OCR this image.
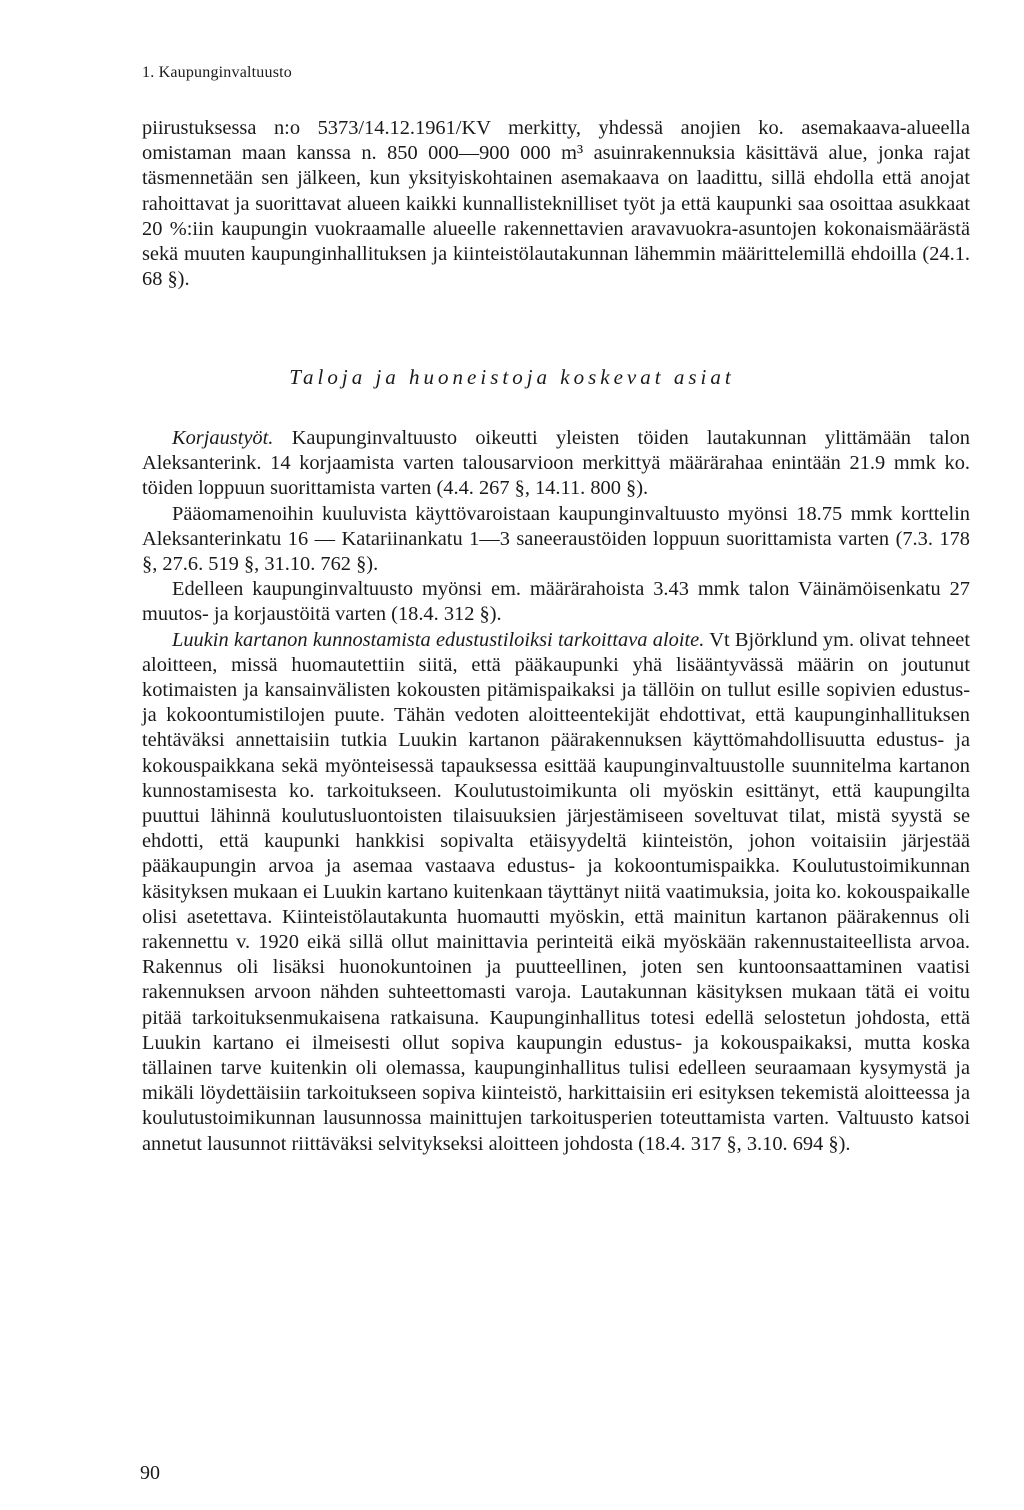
1. Kaupunginvaltuusto
piirustuksessa n:o 5373/14.12.1961/KV merkitty, yhdessä anojien ko. asemakaava-alueella omistaman maan kanssa n. 850 000—900 000 m³ asuinrakennuksia käsittävä alue, jonka rajat täsmennetään sen jälkeen, kun yksityiskohtainen asemakaava on laadittu, sillä ehdolla että anojat rahoittavat ja suorittavat alueen kaikki kunnallisteknilliset työt ja että kaupunki saa osoittaa asukkaat 20 %:iin kaupungin vuokraamalle alueelle rakennettavien aravavuokra-asuntojen kokonaismäärästä sekä muuten kaupunginhallituksen ja kiinteistölautakunnan lähemmin määrittelemillä ehdoilla (24.1. 68 §).
Taloja ja huoneistoja koskevat asiat

Korjaustyöt. Kaupunginvaltuusto oikeutti yleisten töiden lautakunnan ylittämään talon Aleksanterink. 14 korjaamista varten talousarvioon merkittyä määrärahaa enintään 21.9 mmk ko. töiden loppuun suorittamista varten (4.4. 267 §, 14.11. 800 §).

Pääomamenoihin kuuluvista käyttövaroistaan kaupunginvaltuusto myönsi 18.75 mmk korttelin Aleksanterinkatu 16 — Katariinankatu 1—3 saneeraustöiden loppuun suorittamista varten (7.3. 178 §, 27.6. 519 §, 31.10. 762 §).

Edelleen kaupunginvaltuusto myönsi em. määrärahoista 3.43 mmk talon Väinämöisenkatu 27 muutos- ja korjaustöitä varten (18.4. 312 §).

Luukin kartanon kunnostamista edustustiloiksi tarkoittava aloite. Vt Björklund ym. olivat tehneet aloitteen, missä huomautettiin siitä, että pääkaupunki yhä lisääntyvässä määrin on joutunut kotimaisten ja kansainvälisten kokousten pitämispaikaksi ja tällöin on tullut esille sopivien edustus- ja kokoontumistilojen puute. Tähän vedoten aloitteentekijät ehdottivat, että kaupunginhallituksen tehtäväksi annettaisiin tutkia Luukin kartanon päärakennuksen käyttömahdollisuutta edustus- ja kokouspaikkana sekä myönteisessä tapauksessa esittää kaupunginvaltuustolle suunnitelma kartanon kunnostamisesta ko. tarkoitukseen. Koulutustoimikunta oli myöskin esittänyt, että kaupungilta puuttui lähinnä koulutusluontoisten tilaisuuksien järjestämiseen soveltuvat tilat, mistä syystä se ehdotti, että kaupunki hankkisi sopivalta etäisyydeltä kiinteistön, johon voitaisiin järjestää pääkaupungin arvoa ja asemaa vastaava edustus- ja kokoontumispaikka. Koulutustoimikunnan käsityksen mukaan ei Luukin kartano kuitenkaan täyttänyt niitä vaatimuksia, joita ko. kokouspaikalle olisi asetettava. Kiinteistölautakunta huomautti myöskin, että mainitun kartanon päärakennus oli rakennettu v. 1920 eikä sillä ollut mainittavia perinteitä eikä myöskään rakennustaiteellista arvoa. Rakennus oli lisäksi huonokuntoinen ja puutteellinen, joten sen kuntoonsaattaminen vaatisi rakennuksen arvoon nähden suhteettomasti varoja. Lautakunnan käsityksen mukaan tätä ei voitu pitää tarkoituksenmukaisena ratkaisuna. Kaupunginhallitus totesi edellä selostetun johdosta, että Luukin kartano ei ilmeisesti ollut sopiva kaupungin edustus- ja kokouspaikaksi, mutta koska tällainen tarve kuitenkin oli olemassa, kaupunginhallitus tulisi edelleen seuraamaan kysymystä ja mikäli löydettäisiin tarkoitukseen sopiva kiinteistö, harkittaisiin eri esityksen tekemistä aloitteessa ja koulutustoimikunnan lausunnossa mainittujen tarkoitusperien toteuttamista varten. Valtuusto katsoi annetut lausunnot riittäväksi selvitykseksi aloitteen johdosta (18.4. 317 §, 3.10. 694 §).

90
